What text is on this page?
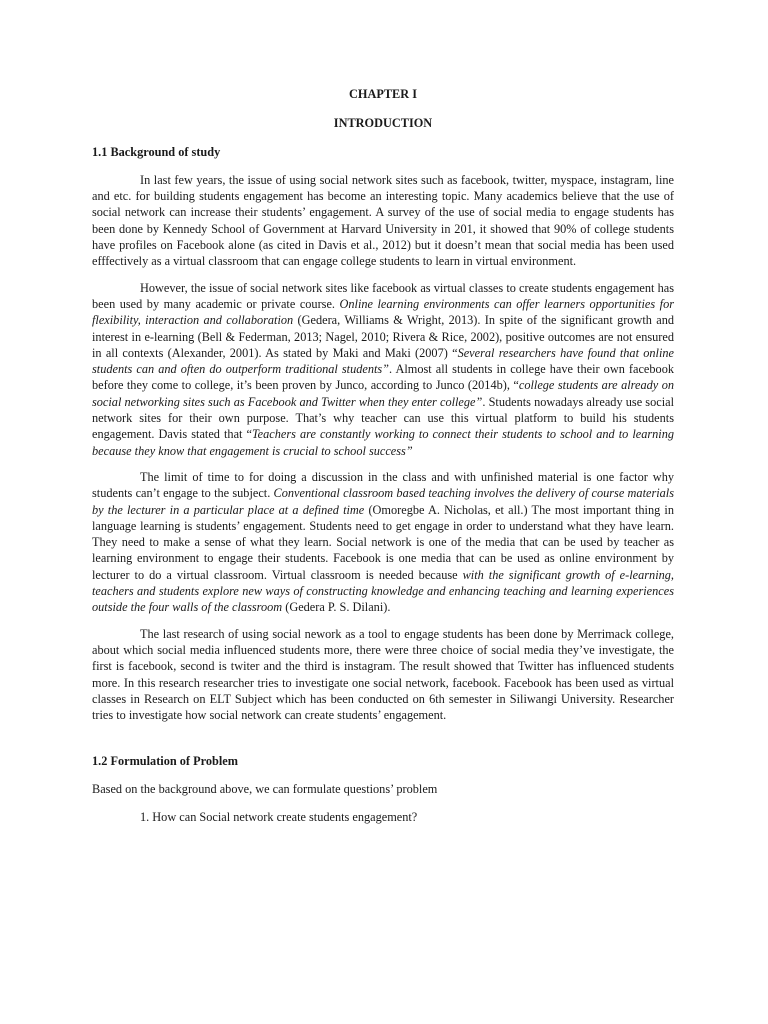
CHAPTER I
INTRODUCTION
1.1 Background of study

In last few years, the issue of using social network sites such as facebook, twitter, myspace, instagram, line and etc. for building students engagement has become an interesting topic. Many academics believe that the use of social network can increase their students’ engagement. A survey of the use of social media to engage students has been done by Kennedy School of Government at Harvard University in 201, it showed that 90% of college students have profiles on Facebook alone (as cited in Davis et al., 2012) but it doesn’t mean that social media has been used efffectively as a virtual classroom that can engage college students to learn in virtual environment.

However, the issue of social network sites like facebook as virtual classes to create students engagement has been used by many academic or private course. Online learning environments can offer learners opportunities for flexibility, interaction and collaboration (Gedera, Williams & Wright, 2013). In spite of the significant growth and interest in e-learning (Bell & Federman, 2013; Nagel, 2010; Rivera & Rice, 2002), positive outcomes are not ensured in all contexts (Alexander, 2001). As stated by Maki and Maki (2007) “Several researchers have found that online students can and often do outperform traditional students”. Almost all students in college have their own facebook before they come to college, it’s been proven by Junco, according to Junco (2014b), “college students are already on social networking sites such as Facebook and Twitter when they enter college”. Students nowadays already use social network sites for their own purpose. That’s why teacher can use this virtual platform to build his students engagement. Davis stated that “Teachers are constantly working to connect their students to school and to learning because they know that engagement is crucial to school success”

The limit of time to for doing a discussion in the class and with unfinished material is one factor why students can’t engage to the subject. Conventional classroom based teaching involves the delivery of course materials by the lecturer in a particular place at a defined time (Omoregbe A. Nicholas, et all.) The most important thing in language learning is students’ engagement. Students need to get engage in order to understand what they have learn. They need to make a sense of what they learn. Social network is one of the media that can be used by teacher as learning environment to engage their students. Facebook is one media that can be used as online environment by lecturer to do a virtual classroom. Virtual classroom is needed because with the significant growth of e-learning, teachers and students explore new ways of constructing knowledge and enhancing teaching and learning experiences outside the four walls of the classroom (Gedera P. S. Dilani).

The last research of using social nework as a tool to engage students has been done by Merrimack college, about which social media influenced students more, there were three choice of social media they’ve investigate, the first is facebook, second is twiter and the third is instagram. The result showed that Twitter has influenced students more. In this research researcher tries to investigate one social network, facebook. Facebook has been used as virtual classes in Research on ELT Subject which has been conducted on 6th semester in Siliwangi University. Researcher tries to investigate how social network can create students’ engagement.

1.2 Formulation of Problem
Based on the background above, we can formulate questions’ problem
1. How can Social network create students engagement?
